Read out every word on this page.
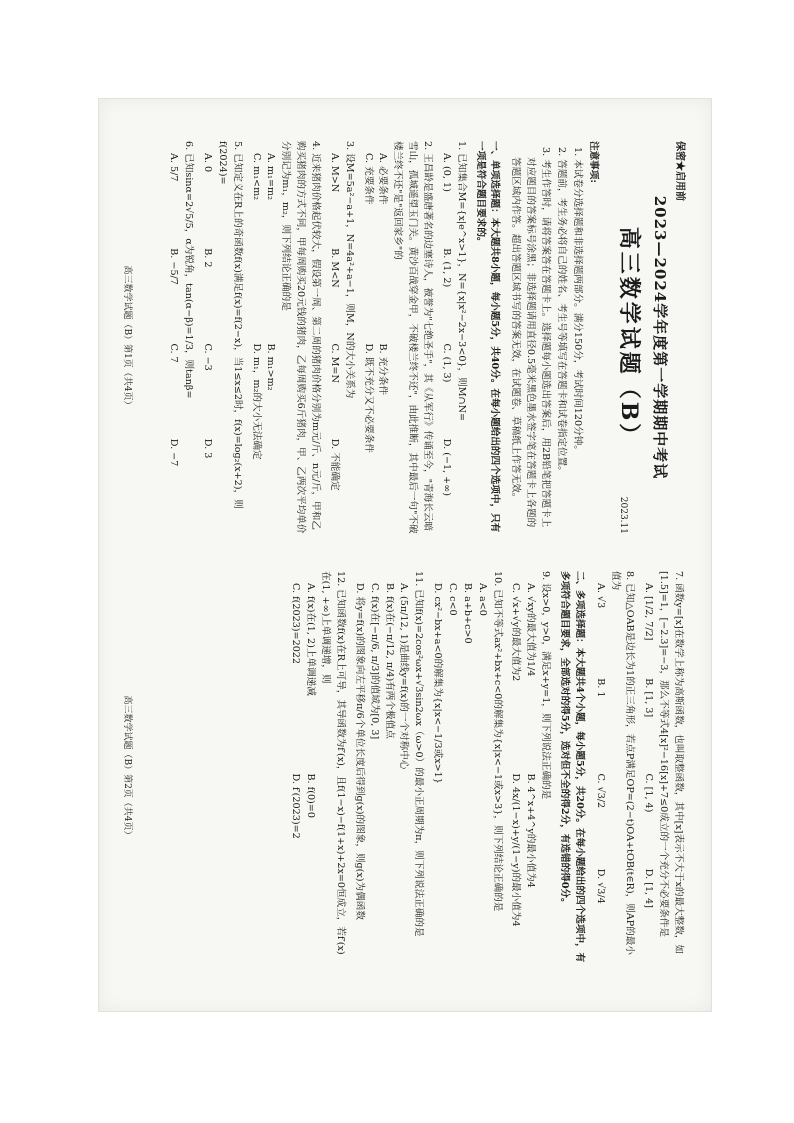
保密★启用前
2023—2024学年度第一学期期中考试
2023.11
高三数学试题（B）
注意事项:
1. 本试卷分选择题和非选择题两部分。满分150分，考试时间120分钟。
2. 答题前，考生务必将自己的姓名、考生号等填写在答题卡和试卷指定位置。
3. 考生作答时，请将答案答在答题卡上。选择题每小题选出答案后，用2B铅笔把答题卡上对应题目的答案标号涂黑；非选择题请用直径0.5毫米黑色墨水签字笔在答题卡上各题的答题区域内作答。超出答题区域书写的答案无效，在试题卷、草稿纸上作答无效。
一、单项选择题：本大题共8小题，每小题5分，共40分。在每小题给出的四个选项中，只有一项是符合题目要求的。
1. 已知集合M={x|e^x>1}，N={x|x²−2x−3<0}，则M∩N=
A. (0, 1)
B. (1, 2)
C. (1, 3)
D. (−1, +∞)
2. 王昌龄是盛唐著名的边塞诗人，被誉为"七绝圣手"，其《从军行》传诵至今，"青海长云暗雪山，孤城遥望玉门关。黄沙百战穿金甲，不破楼兰终不还"，由此推断，其中最后一句"不破楼兰终不还"是"返回家乡"的
A. 必要条件
B. 充分条件
C. 充要条件
D. 既不充分又不必要条件
3. 设M=5a²−a+1，N=4a²+a−1，则M，N的大小关系为
A. M>N
B. M<N
C. M=N
D. 不能确定
4. 近来猪肉价格起伏较大，假设第一周、第二周的猪肉价格分别为m元/斤、n元/斤，甲和乙购买猪肉的方式不同，甲每周购买20元钱的猪肉，乙每周购买6斤猪肉，甲、乙两次平均单价分别记为m₁，m₂，则下列结论正确的是
A. m₁=m₂
B. m₁>m₂
C. m₁<m₂
D. m₁，m₂的大小无法确定
5. 已知定义在R上的奇函数f(x)满足f(x)=f(2−x)，当1≤x≤2时，f(x)=log₂(x+2)，则f(2024)=
A. 0
B. 2
C. −3
D. 3
6. 已知sinα=2√5/5，α为锐角，tan(α−β)=1/3，则tanβ=
A. 5/7
B. −5/7
C. 7
D. −7
高三数学试题（B）第1页（共4页）
7. 函数y=[x]在数学上称为高斯函数，也叫取整函数，其中[x]表示不大于x的最大整数，如[1.5]=1，[−2.3]=−3，那么不等式4[x]²−16[x]+7≤0成立的一个充分不必要条件是
A. [1/2, 7/2]
B. [1, 3]
C. [1, 4)
D. [1, 4]
8. 已知△OAB是边长为1的正三角形，若点P满足OP=(2−t)OA+tOB(t∈R)，则AP的最小值为
A. √3
B. 1
C. √3/2
D. √3/4
二、多项选择题：本大题共4个小题，每小题5分，共20分。在每小题给出的四个选项中，有多项符合题目要求，全部选对的得5分，选对但不全的得2分，有选错的得0分。
9. 设x>0，y>0，满足x+y=1，则下列说法正确的是
A. √xy的最大值为1/4
B. 4^x+4^y的最小值为4
C. √x+√y的最大值为2
D. 4x/(1−x)+y/(1−y)的最小值为4
10. 已知不等式ax²+bx+c<0的解集为{x|x<−1或x>3}，则下列结论正确的是
A. a<0
B. a+b+c>0
C. c<0
D. cx²−bx+a<0的解集为{x|x<−1/3或x>1}
11. 已知f(x)=2cos²ωx+√3sin2ωx（ω>0）的最小正周期为π，则下列说法正确的是
A. (5π/12, 1)是曲线y=f(x)的一个对称中心
B. f(x)在(−π/12, π/4)有两个极值点
C. f(x)在[−π/6, π/3]的值域为[0, 3]
D. 将y=f(x)的图象向左平移π/6个单位长度后得到g(x)的图象，则g(x)为偶函数
12. 已知函数f(x)在R上可导，其导函数为f′(x)，且f(1−x)−f(1+x)+2x=0恒成立，若f′(x)在(1, +∞)上单调递增，则
A. f(x)在(1, 2)上单调递减
B. f(0)=0
C. f(2023)=2022
D. f′(2023)=2
高三数学试题（B）第2页（共4页）
